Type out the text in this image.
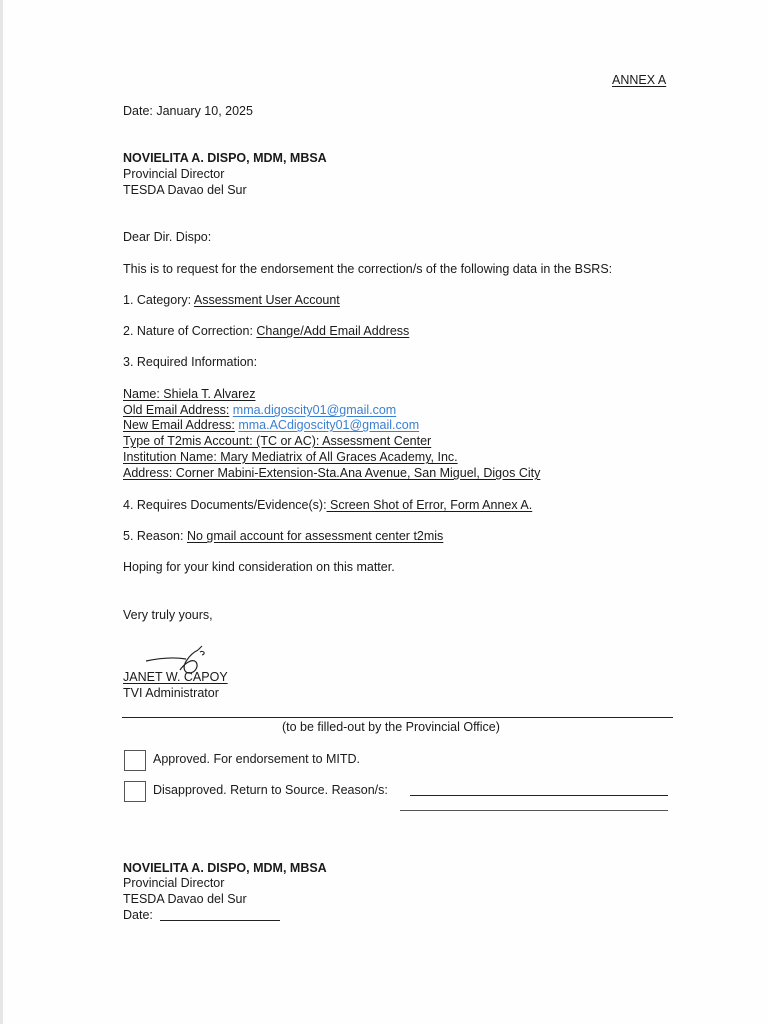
ANNEX A
Date: January 10, 2025
NOVIELITA A. DISPO, MDM, MBSA
Provincial Director
TESDA Davao del Sur
Dear Dir. Dispo:
This is to request for the endorsement the correction/s of the following data in the BSRS:
1. Category: Assessment User Account
2. Nature of Correction: Change/Add Email Address
3. Required Information:
Name: Shiela T. Alvarez
Old Email Address: mma.digoscity01@gmail.com
New Email Address: mma.ACdigoscity01@gmail.com
Type of T2mis Account: (TC or AC): Assessment Center
Institution Name: Mary Mediatrix of All Graces Academy, Inc.
Address: Corner Mabini-Extension-Sta.Ana Avenue, San Miguel, Digos City
4. Requires Documents/Evidence(s): Screen Shot of Error, Form Annex A.
5. Reason: No gmail account for assessment center t2mis
Hoping for your kind consideration on this matter.
Very truly yours,
JANET W. CAPOY
TVI Administrator
(to be filled-out by the Provincial Office)
Approved. For endorsement to MITD.
Disapproved. Return to Source. Reason/s:
NOVIELITA A. DISPO, MDM, MBSA
Provincial Director
TESDA Davao del Sur
Date:
